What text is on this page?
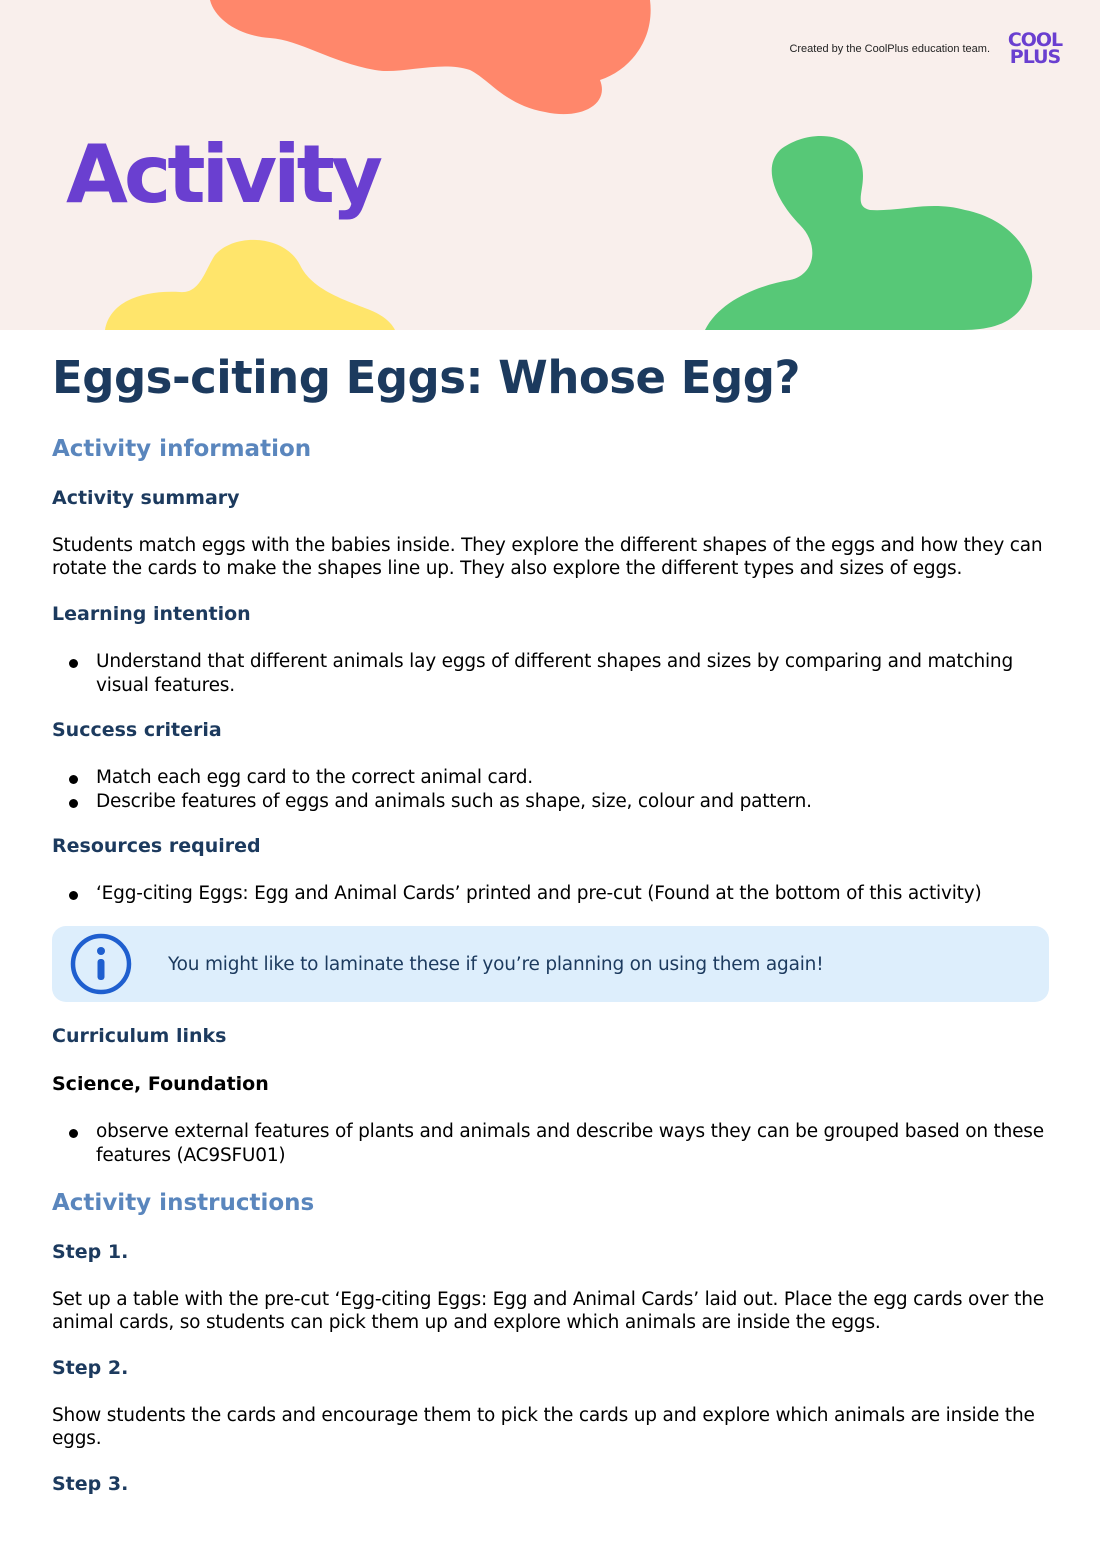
Created by the CoolPlus education team. COOL
PLUS
Activity
Eggs-citing Eggs: Whose Egg?
Activity information
Activity summary

Students match eggs with the babies inside. They explore the different shapes of the eggs and how they can rotate the cards to make the shapes line up. They also explore the different types and sizes of eggs.

Learning intention
Understand that different animals lay eggs of different shapes and sizes by comparing and matching visual features.
Success criteria
Match each egg card to the correct animal card.
Describe features of eggs and animals such as shape, size, colour and pattern.
Resources required
‘Egg-citing Eggs: Egg and Animal Cards’ printed and pre-cut (Found at the bottom of this activity)
You might like to laminate these if you’re planning on using them again!
Curriculum links
Science, Foundation
observe external features of plants and animals and describe ways they can be grouped based on these features (AC9SFU01)
Activity instructions
Step 1.

Set up a table with the pre-cut ‘Egg-citing Eggs: Egg and Animal Cards’ laid out. Place the egg cards over the animal cards, so students can pick them up and explore which animals are inside the eggs.

Step 2.

Show students the cards and encourage them to pick the cards up and explore which animals are inside the eggs.

Step 3.
